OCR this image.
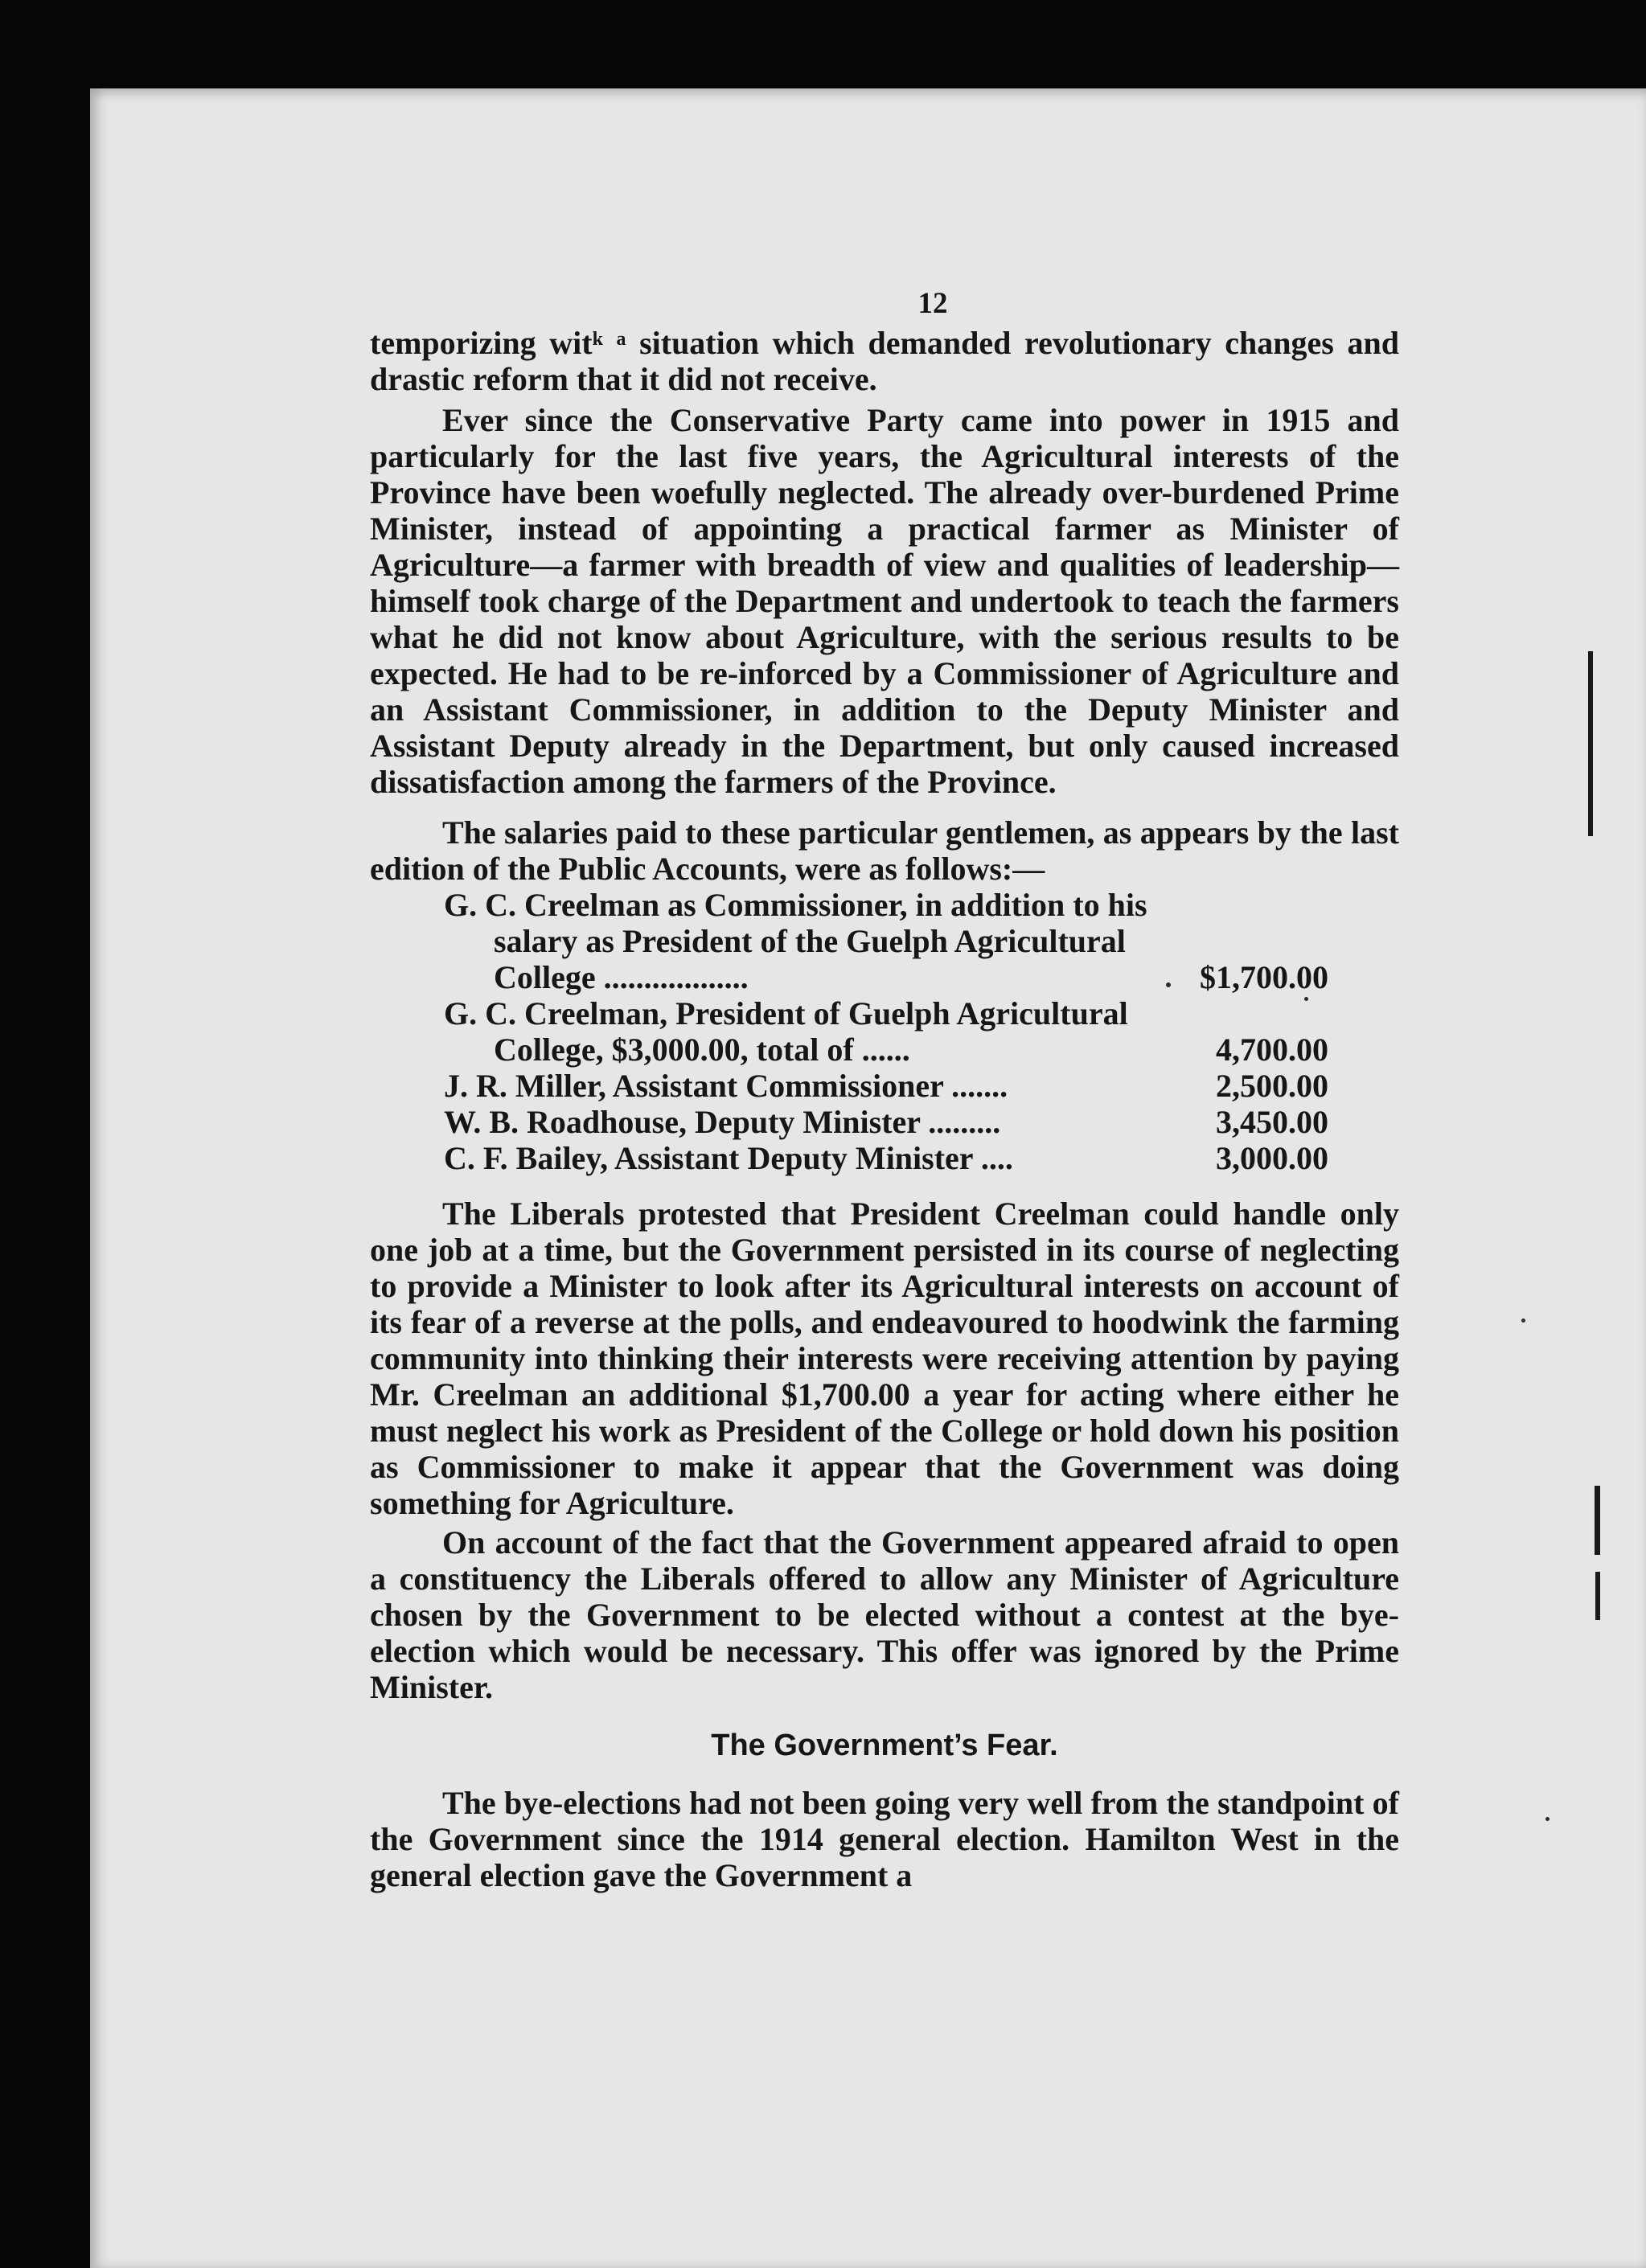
12

temporizing witᵏ ᵃ situation which demanded revolutionary changes and drastic reform that it did not receive.

Ever since the Conservative Party came into power in 1915 and particularly for the last five years, the Agricultural interests of the Province have been woefully neglected. The already over-burdened Prime Minister, instead of appointing a practical farmer as Minister of Agriculture—a farmer with breadth of view and qualities of leadership—himself took charge of the Department and undertook to teach the farmers what he did not know about Agriculture, with the serious results to be expected. He had to be re-inforced by a Commissioner of Agriculture and an Assistant Commissioner, in addition to the Deputy Minister and Assistant Deputy already in the Department, but only caused increased dissatisfaction among the farmers of the Province.

The salaries paid to these particular gentlemen, as appears by the last edition of the Public Accounts, were as follows:—

G. C. Creelman as Commissioner, in addition to his salary as President of the Guelph Agricultural College ..................	$1,700.00
G. C. Creelman, President of Guelph Agricultural College, $3,000.00, total of ......	4,700.00
J. R. Miller, Assistant Commissioner .......	2,500.00
W. B. Roadhouse, Deputy Minister .........	3,450.00
C. F. Bailey, Assistant Deputy Minister ....	3,000.00

The Liberals protested that President Creelman could handle only one job at a time, but the Government persisted in its course of neglecting to provide a Minister to look after its Agricultural interests on account of its fear of a reverse at the polls, and endeavoured to hoodwink the farming community into thinking their interests were receiving attention by paying Mr. Creelman an additional $1,700.00 a year for acting where either he must neglect his work as President of the College or hold down his position as Commissioner to make it appear that the Government was doing something for Agriculture.

On account of the fact that the Government appeared afraid to open a constituency the Liberals offered to allow any Minister of Agriculture chosen by the Government to be elected without a contest at the bye-election which would be necessary. This offer was ignored by the Prime Minister.

The Government’s Fear.

The bye-elections had not been going very well from the standpoint of the Government since the 1914 general election. Hamilton West in the general election gave the Government a
